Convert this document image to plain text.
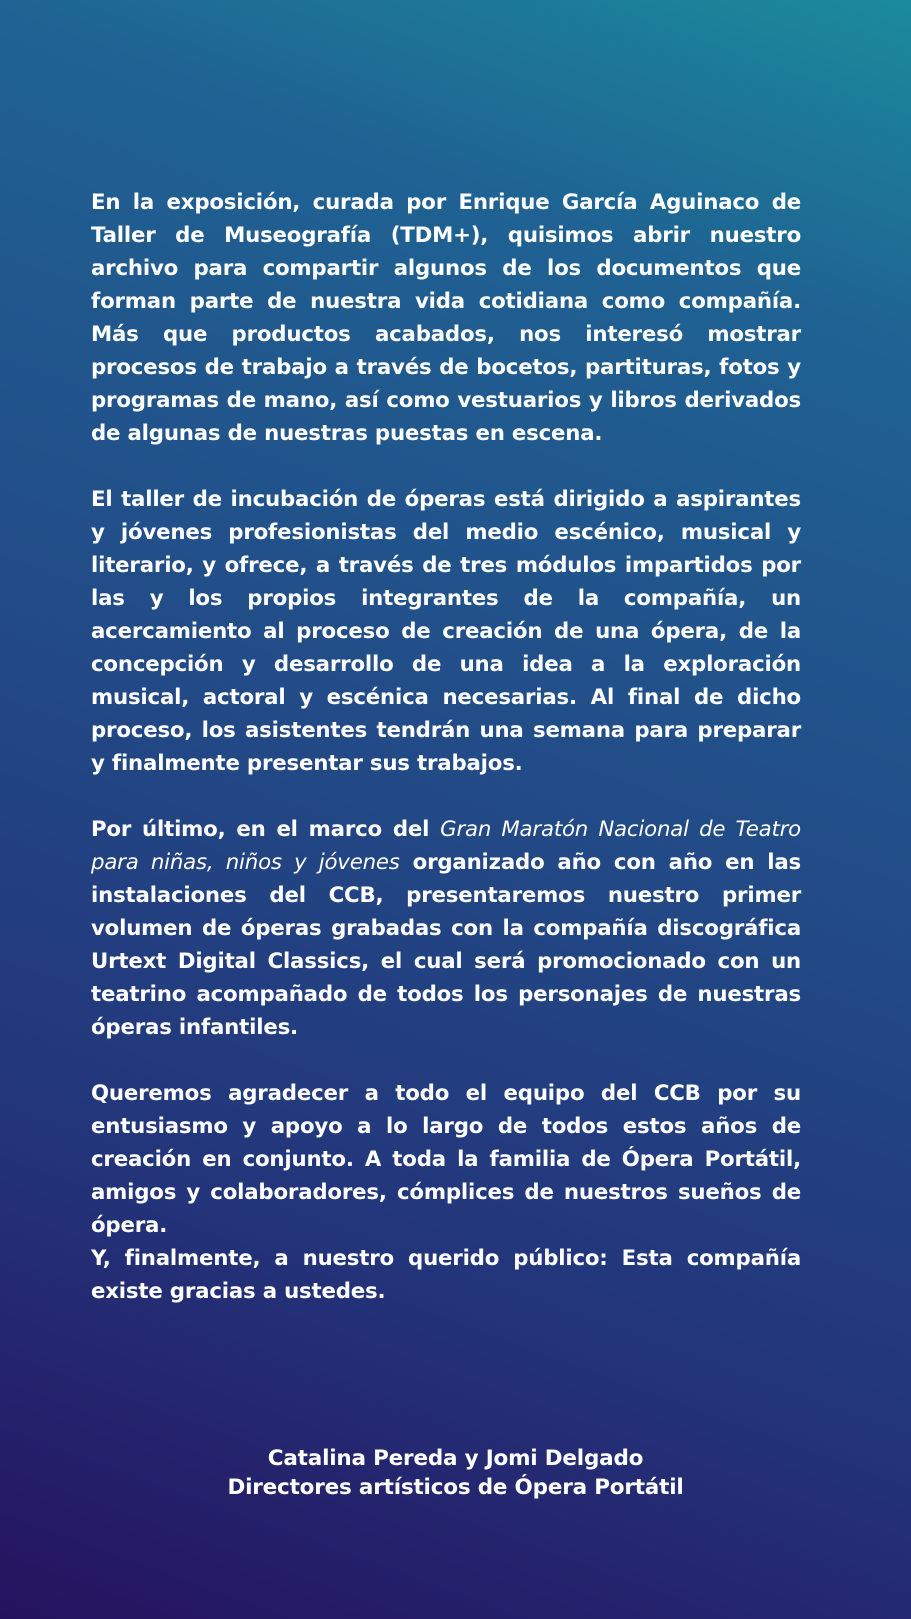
En la exposición, curada por Enrique García Aguinaco de Taller de Museografía (TDM+), quisimos abrir nuestro archivo para compartir algunos de los documentos que forman parte de nuestra vida cotidiana como compañía. Más que productos acabados, nos interesó mostrar procesos de trabajo a través de bocetos, partituras, fotos y programas de mano, así como vestuarios y libros derivados de algunas de nuestras puestas en escena.

El taller de incubación de óperas está dirigido a aspirantes y jóvenes profesionistas del medio escénico, musical y literario, y ofrece, a través de tres módulos impartidos por las y los propios integrantes de la compañía, un acercamiento al proceso de creación de una ópera, de la concepción y desarrollo de una idea a la exploración musical, actoral y escénica necesarias. Al final de dicho proceso, los asistentes tendrán una semana para preparar y finalmente presentar sus trabajos.

Por último, en el marco del Gran Maratón Nacional de Teatro para niñas, niños y jóvenes organizado año con año en las instalaciones del CCB, presentaremos nuestro primer volumen de óperas grabadas con la compañía discográfica Urtext Digital Classics, el cual será promocionado con un teatrino acompañado de todos los personajes de nuestras óperas infantiles.

Queremos agradecer a todo el equipo del CCB por su entusiasmo y apoyo a lo largo de todos estos años de creación en conjunto. A toda la familia de Ópera Portátil, amigos y colaboradores, cómplices de nuestros sueños de ópera.
Y, finalmente, a nuestro querido público: Esta compañía existe gracias a ustedes.

Catalina Pereda y Jomi Delgado
Directores artísticos de Ópera Portátil
